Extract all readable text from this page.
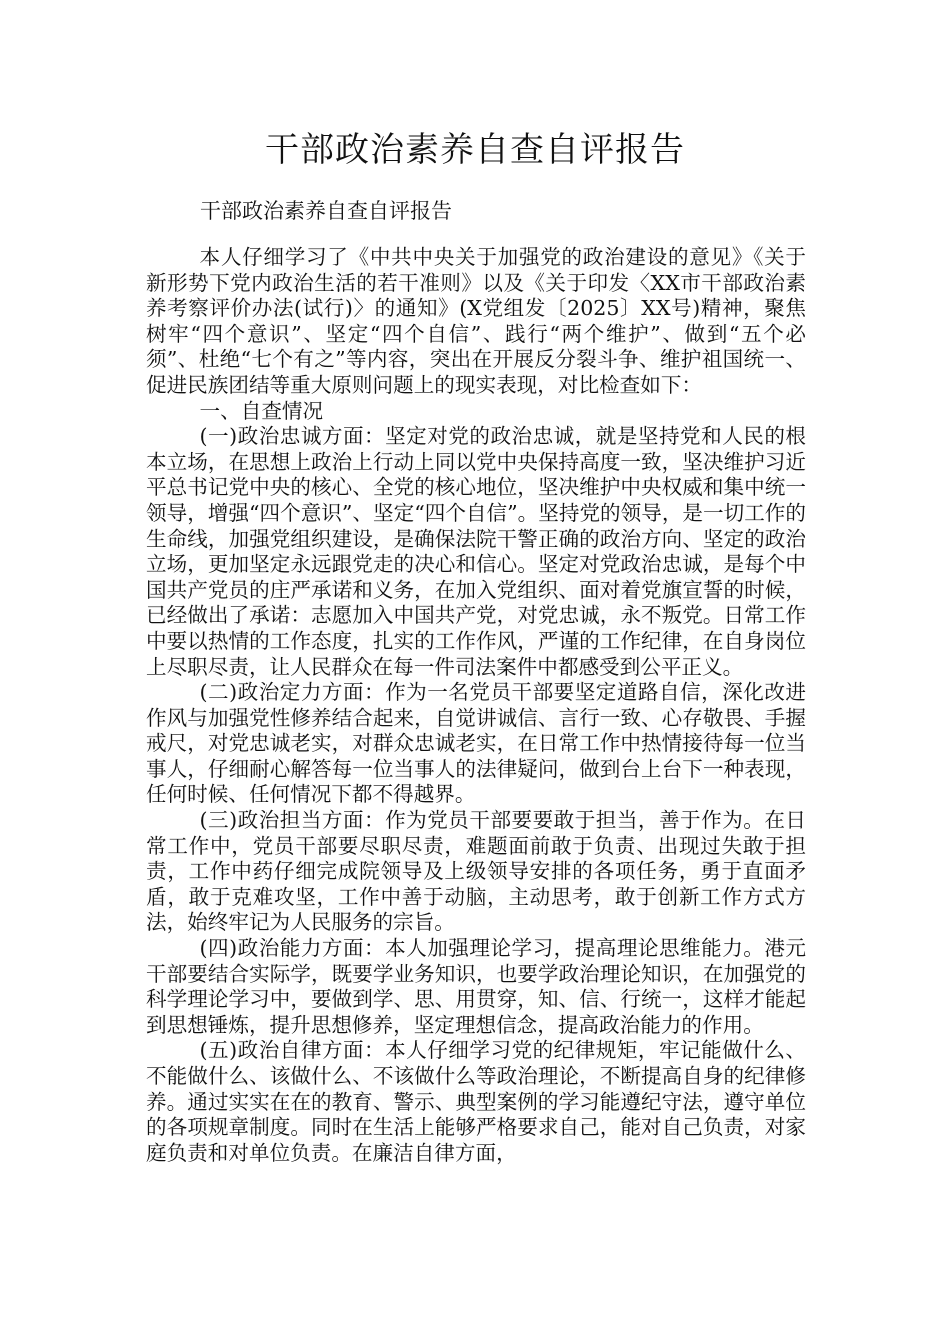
干部政治素养自查自评报告

干部政治素养自查自评报告

本人仔细学习了《中共中央关于加强党的政治建设的意见》《关于新形势下党内政治生活的若干准则》以及《关于印发〈XX市干部政治素养考察评价办法(试行)〉的通知》(X党组发〔2025〕XX号)精神，聚焦树牢“四个意识”、坚定“四个自信”、践行“两个维护”、做到“五个必须”、杜绝“七个有之”等内容，突出在开展反分裂斗争、维护祖国统一、促进民族团结等重大原则问题上的现实表现，对比检查如下：

一、自查情况

(一)政治忠诚方面：坚定对党的政治忠诚，就是坚持党和人民的根本立场，在思想上政治上行动上同以党中央保持高度一致，坚决维护习近平总书记党中央的核心、全党的核心地位，坚决维护中央权威和集中统一领导，增强“四个意识”、坚定“四个自信”。坚持党的领导，是一切工作的生命线，加强党组织建设，是确保法院干警正确的政治方向、坚定的政治立场，更加坚定永远跟党走的决心和信心。坚定对党政治忠诚，是每个中国共产党员的庄严承诺和义务，在加入党组织、面对着党旗宣誓的时候，已经做出了承诺：志愿加入中国共产党，对党忠诚，永不叛党。日常工作中要以热情的工作态度，扎实的工作作风，严谨的工作纪律，在自身岗位上尽职尽责，让人民群众在每一件司法案件中都感受到公平正义。

(二)政治定力方面：作为一名党员干部要坚定道路自信，深化改进作风与加强党性修养结合起来，自觉讲诚信、言行一致、心存敬畏、手握戒尺，对党忠诚老实，对群众忠诚老实，在日常工作中热情接待每一位当事人，仔细耐心解答每一位当事人的法律疑问，做到台上台下一种表现，任何时候、任何情况下都不得越界。

(三)政治担当方面：作为党员干部要要敢于担当，善于作为。在日常工作中，党员干部要尽职尽责，难题面前敢于负责、出现过失敢于担责，工作中药仔细完成院领导及上级领导安排的各项任务，勇于直面矛盾，敢于克难攻坚，工作中善于动脑，主动思考，敢于创新工作方式方法，始终牢记为人民服务的宗旨。

(四)政治能力方面：本人加强理论学习，提高理论思维能力。港元干部要结合实际学，既要学业务知识，也要学政治理论知识，在加强党的科学理论学习中，要做到学、思、用贯穿，知、信、行统一，这样才能起到思想锤炼，提升思想修养，坚定理想信念，提高政治能力的作用。

(五)政治自律方面：本人仔细学习党的纪律规矩，牢记能做什么、不能做什么、该做什么、不该做什么等政治理论，不断提高自身的纪律修养。通过实实在在的教育、警示、典型案例的学习能遵纪守法，遵守单位的各项规章制度。同时在生活上能够严格要求自己，能对自己负责，对家庭负责和对单位负责。在廉洁自律方面，
